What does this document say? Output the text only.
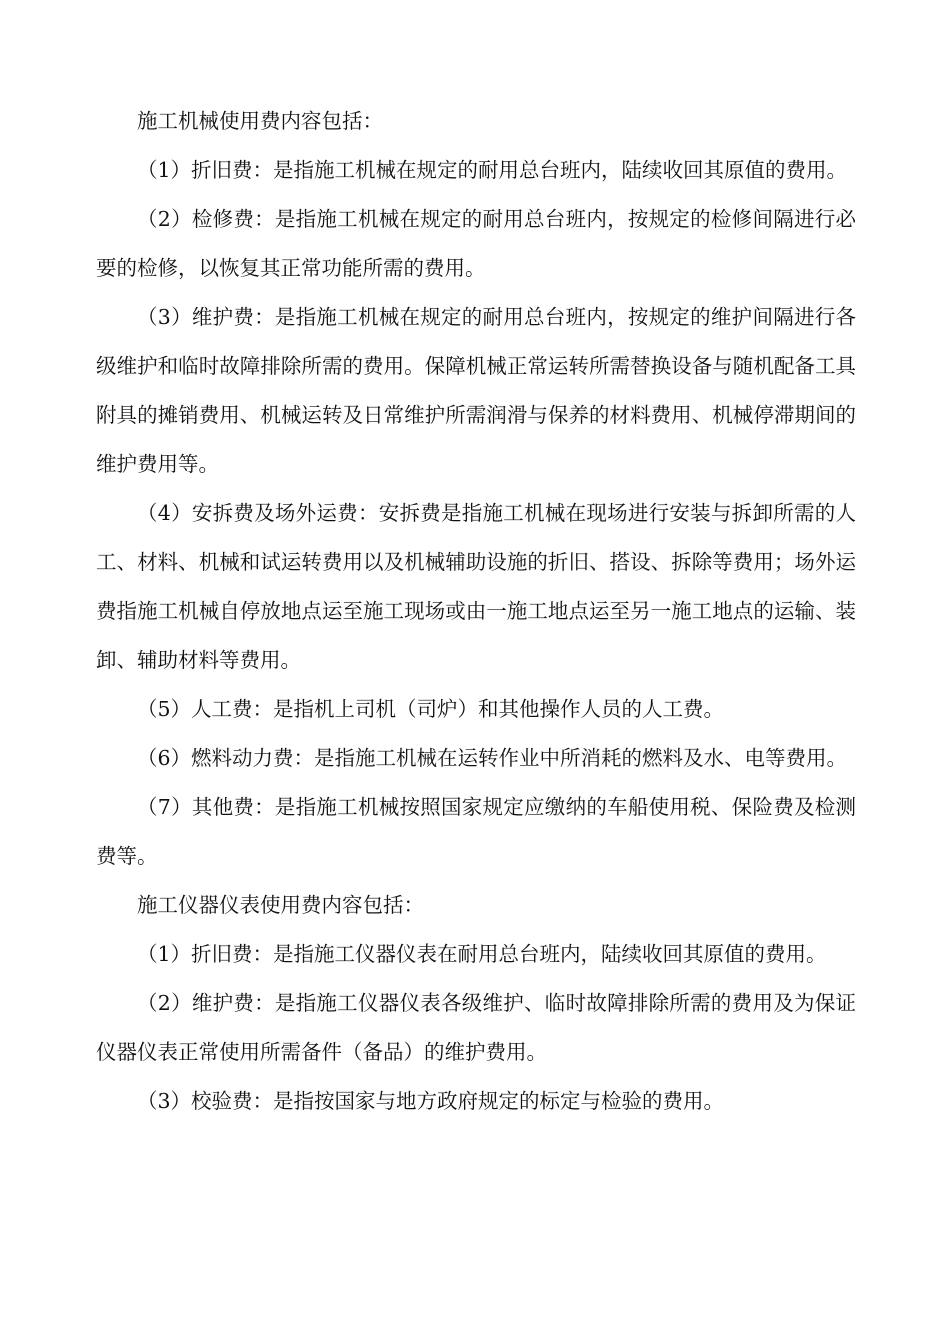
施工机械使用费内容包括：

（1）折旧费：是指施工机械在规定的耐用总台班内，陆续收回其原值的费用。

（2）检修费：是指施工机械在规定的耐用总台班内，按规定的检修间隔进行必要的检修，以恢复其正常功能所需的费用。

（3）维护费：是指施工机械在规定的耐用总台班内，按规定的维护间隔进行各级维护和临时故障排除所需的费用。保障机械正常运转所需替换设备与随机配备工具附具的摊销费用、机械运转及日常维护所需润滑与保养的材料费用、机械停滞期间的维护费用等。

（4）安拆费及场外运费：安拆费是指施工机械在现场进行安装与拆卸所需的人工、材料、机械和试运转费用以及机械辅助设施的折旧、搭设、拆除等费用；场外运费指施工机械自停放地点运至施工现场或由一施工地点运至另一施工地点的运输、装卸、辅助材料等费用。

（5）人工费：是指机上司机（司炉）和其他操作人员的人工费。

（6）燃料动力费：是指施工机械在运转作业中所消耗的燃料及水、电等费用。

（7）其他费：是指施工机械按照国家规定应缴纳的车船使用税、保险费及检测费等。

施工仪器仪表使用费内容包括：

（1）折旧费：是指施工仪器仪表在耐用总台班内，陆续收回其原值的费用。

（2）维护费：是指施工仪器仪表各级维护、临时故障排除所需的费用及为保证仪器仪表正常使用所需备件（备品）的维护费用。

（3）校验费：是指按国家与地方政府规定的标定与检验的费用。
